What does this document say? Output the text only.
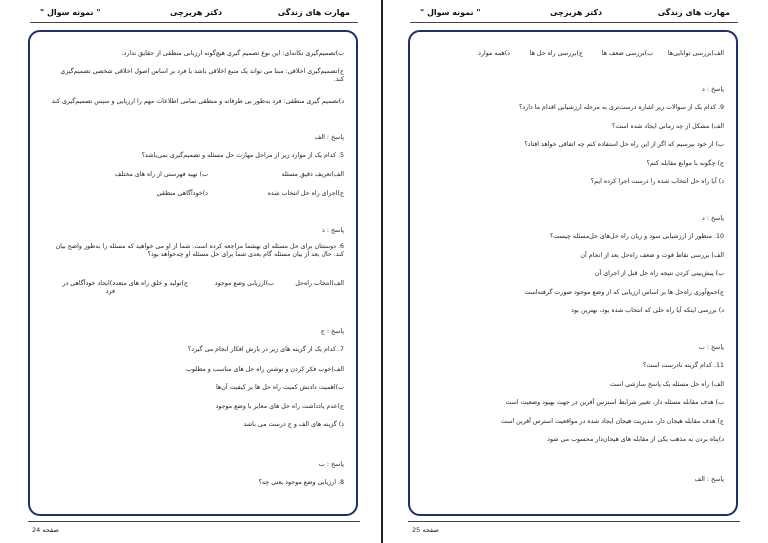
" نمونه سوال "	دکتر هریزچی	مهارت های زندگی
ب)تصمیم‌گیری تکانه‌ای: این نوع تصمیم گیری هیچ‌گونه ارزیابی منطقی از حقایق ندارد.
ج)تصمیم‌گیری اخلاقی: مبنا می تواند یک منبع اخلاقی باشد یا فرد بر اساس اصول اخلاقی شخصی تصمیم‌گیری کند.
د)تصمیم گیری منطقی: فرد به‌طور بی طرفانه و منطقی تمامی اطلاعات مهم را ارزیابی و سپس تصمیم‌گیری کند
پاسخ : الف
5. کدام یک از موارد زیر از مراحل مهارت حل مسئله و تصمیم‌گیری نمی‌باشد؟
الف)تعریف دقیق مسئله
ب) تهیه فهرستی از راه های مختلف
ج)اجرای راه حل انتخاب شده
د)خودآگاهی منطقی
پاسخ : د
6. دوستتان برای حل مسئله ای بهشما مراجعه کرده است. شما از او می خواهید که مسئله را به‌طور واضح بیان کند. حال بعد از بیان مسئله گام بعدی شما برای حل مسئله او چه‌خواهد بود؟
الف)انتخاب راه‌حل
ب)ارزیابی وضع موجود
ج)تولید و خلق راه های متعدد
د)ایجاد خودآگاهی در فرد
پاسخ : ج
7. کدام یک از گزینه های زیر در بارش افکار انجام می گیرد؟
الف)خوب فکر کردن و نوشتن راه حل های مناسب و مطلوب
ب)اهمیت دادنش کمیت راه حل ها بر کیفیت آن‌ها
ج)عدم یادداشت راه حل های مغایر با وضع موجود
د) گزینه های الف و ج درست می باشد
پاسخ : ب
8. ارزیابی وضع موجود یعنی چه؟
صفحه 24
" نمونه سوال "	دکتر هریزچی	مهارت های زندگی
الف)بررسی توانایی‌ها
ب)بررسی ضعف ها
ج)بررسی راه حل ها
د)همه موارد
پاسخ : د
9. کدام یک از سوالات زیر اشاره درست‌تری به مرحله ارزشیابی اقدام ما دارد؟
الف) مشکل از چه زمانی ایجاد شده است؟
ب) از خود بپرسیم که اگر از این راه حل استفاده کنم چه اتفاقی خواهد افتاد؟
ج) چگونه با موانع مقابله کنم؟
د) آیا راه حل انتخاب شده را درست اجرا کرده ایم؟
پاسخ : د
10. منظور از ارزشیابی سود و زیان راه حل‌های حل‌مسئله چیست؟
الف) بررسی نقاط قوت و ضعف راه‌حل بعد از انجام آن
ب) پیش‌بینی کردن نتیجه راه حل قبل از اجرای آن
ج)جمع‌آوری راه‌حل ها بر اساس ارزیابی که از وضع موجود صورت گرفته‌است
د) بررسی اینکه آیا راه حلی که انتخاب شده بود، بهترین بود
پاسخ : ب
11. کدام گزینه نادرست است؟
الف) راه حل مسئله یک پاسخ سازشی است
ب) هدف مقابله مسئله دار، تغییر شرایط استرس آفرین در جهت بهبود وضعیت است
ج) هدف مقابله هیجان دار، مدیریت هیجان ایجاد شده در مواقعیت استرس آفرین است
د)پناه بردن به مذهب یکی از مقابله های هیجان‌دار محسوب می شود
پاسخ : الف
صفحه 25
